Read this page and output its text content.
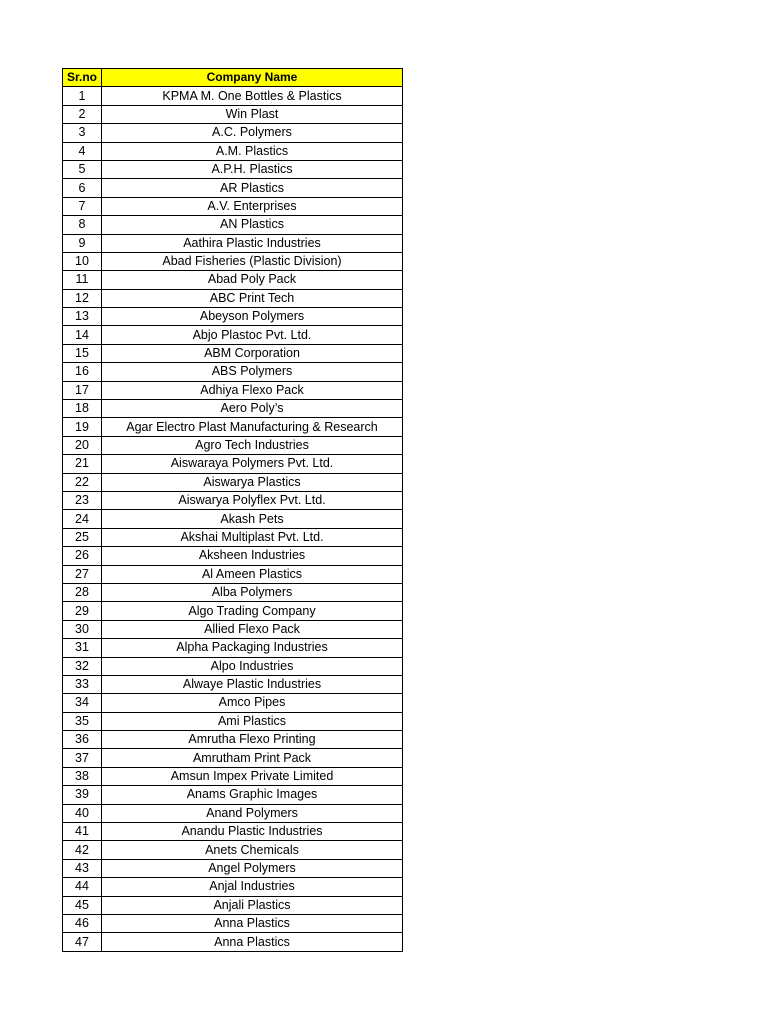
Sr.no	Company Name
1	KPMA M. One Bottles & Plastics
2	Win Plast
3	A.C. Polymers
4	A.M. Plastics
5	A.P.H. Plastics
6	AR Plastics
7	A.V. Enterprises
8	AN Plastics
9	Aathira Plastic Industries
10	Abad Fisheries (Plastic Division)
11	Abad Poly Pack
12	ABC Print Tech
13	Abeyson Polymers
14	Abjo Plastoc Pvt. Ltd.
15	ABM Corporation
16	ABS Polymers
17	Adhiya Flexo Pack
18	Aero Poly’s
19	Agar Electro Plast Manufacturing & Research
20	Agro Tech Industries
21	Aiswaraya Polymers Pvt. Ltd.
22	Aiswarya Plastics
23	Aiswarya Polyflex Pvt. Ltd.
24	Akash Pets
25	Akshai Multiplast Pvt. Ltd.
26	Aksheen Industries
27	Al Ameen Plastics
28	Alba Polymers
29	Algo Trading Company
30	Allied Flexo Pack
31	Alpha Packaging Industries
32	Alpo Industries
33	Alwaye Plastic Industries
34	Amco Pipes
35	Ami Plastics
36	Amrutha Flexo Printing
37	Amrutham Print Pack
38	Amsun Impex Private Limited
39	Anams Graphic Images
40	Anand Polymers
41	Anandu Plastic Industries
42	Anets Chemicals
43	Angel Polymers
44	Anjal Industries
45	Anjali Plastics
46	Anna Plastics
47	Anna Plastics
